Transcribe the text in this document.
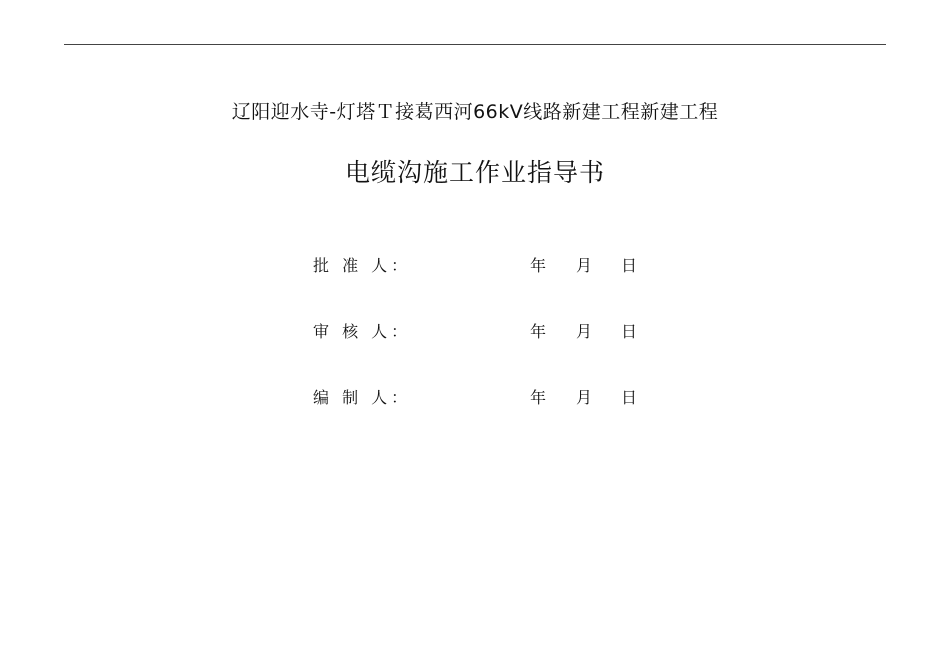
辽阳迎水寺-灯塔Ｔ接葛西河66kV线路新建工程新建工程
电缆沟施工作业指导书
批 准 人：	年 月 日
审 核 人：	年 月 日
编 制 人：	年 月 日
